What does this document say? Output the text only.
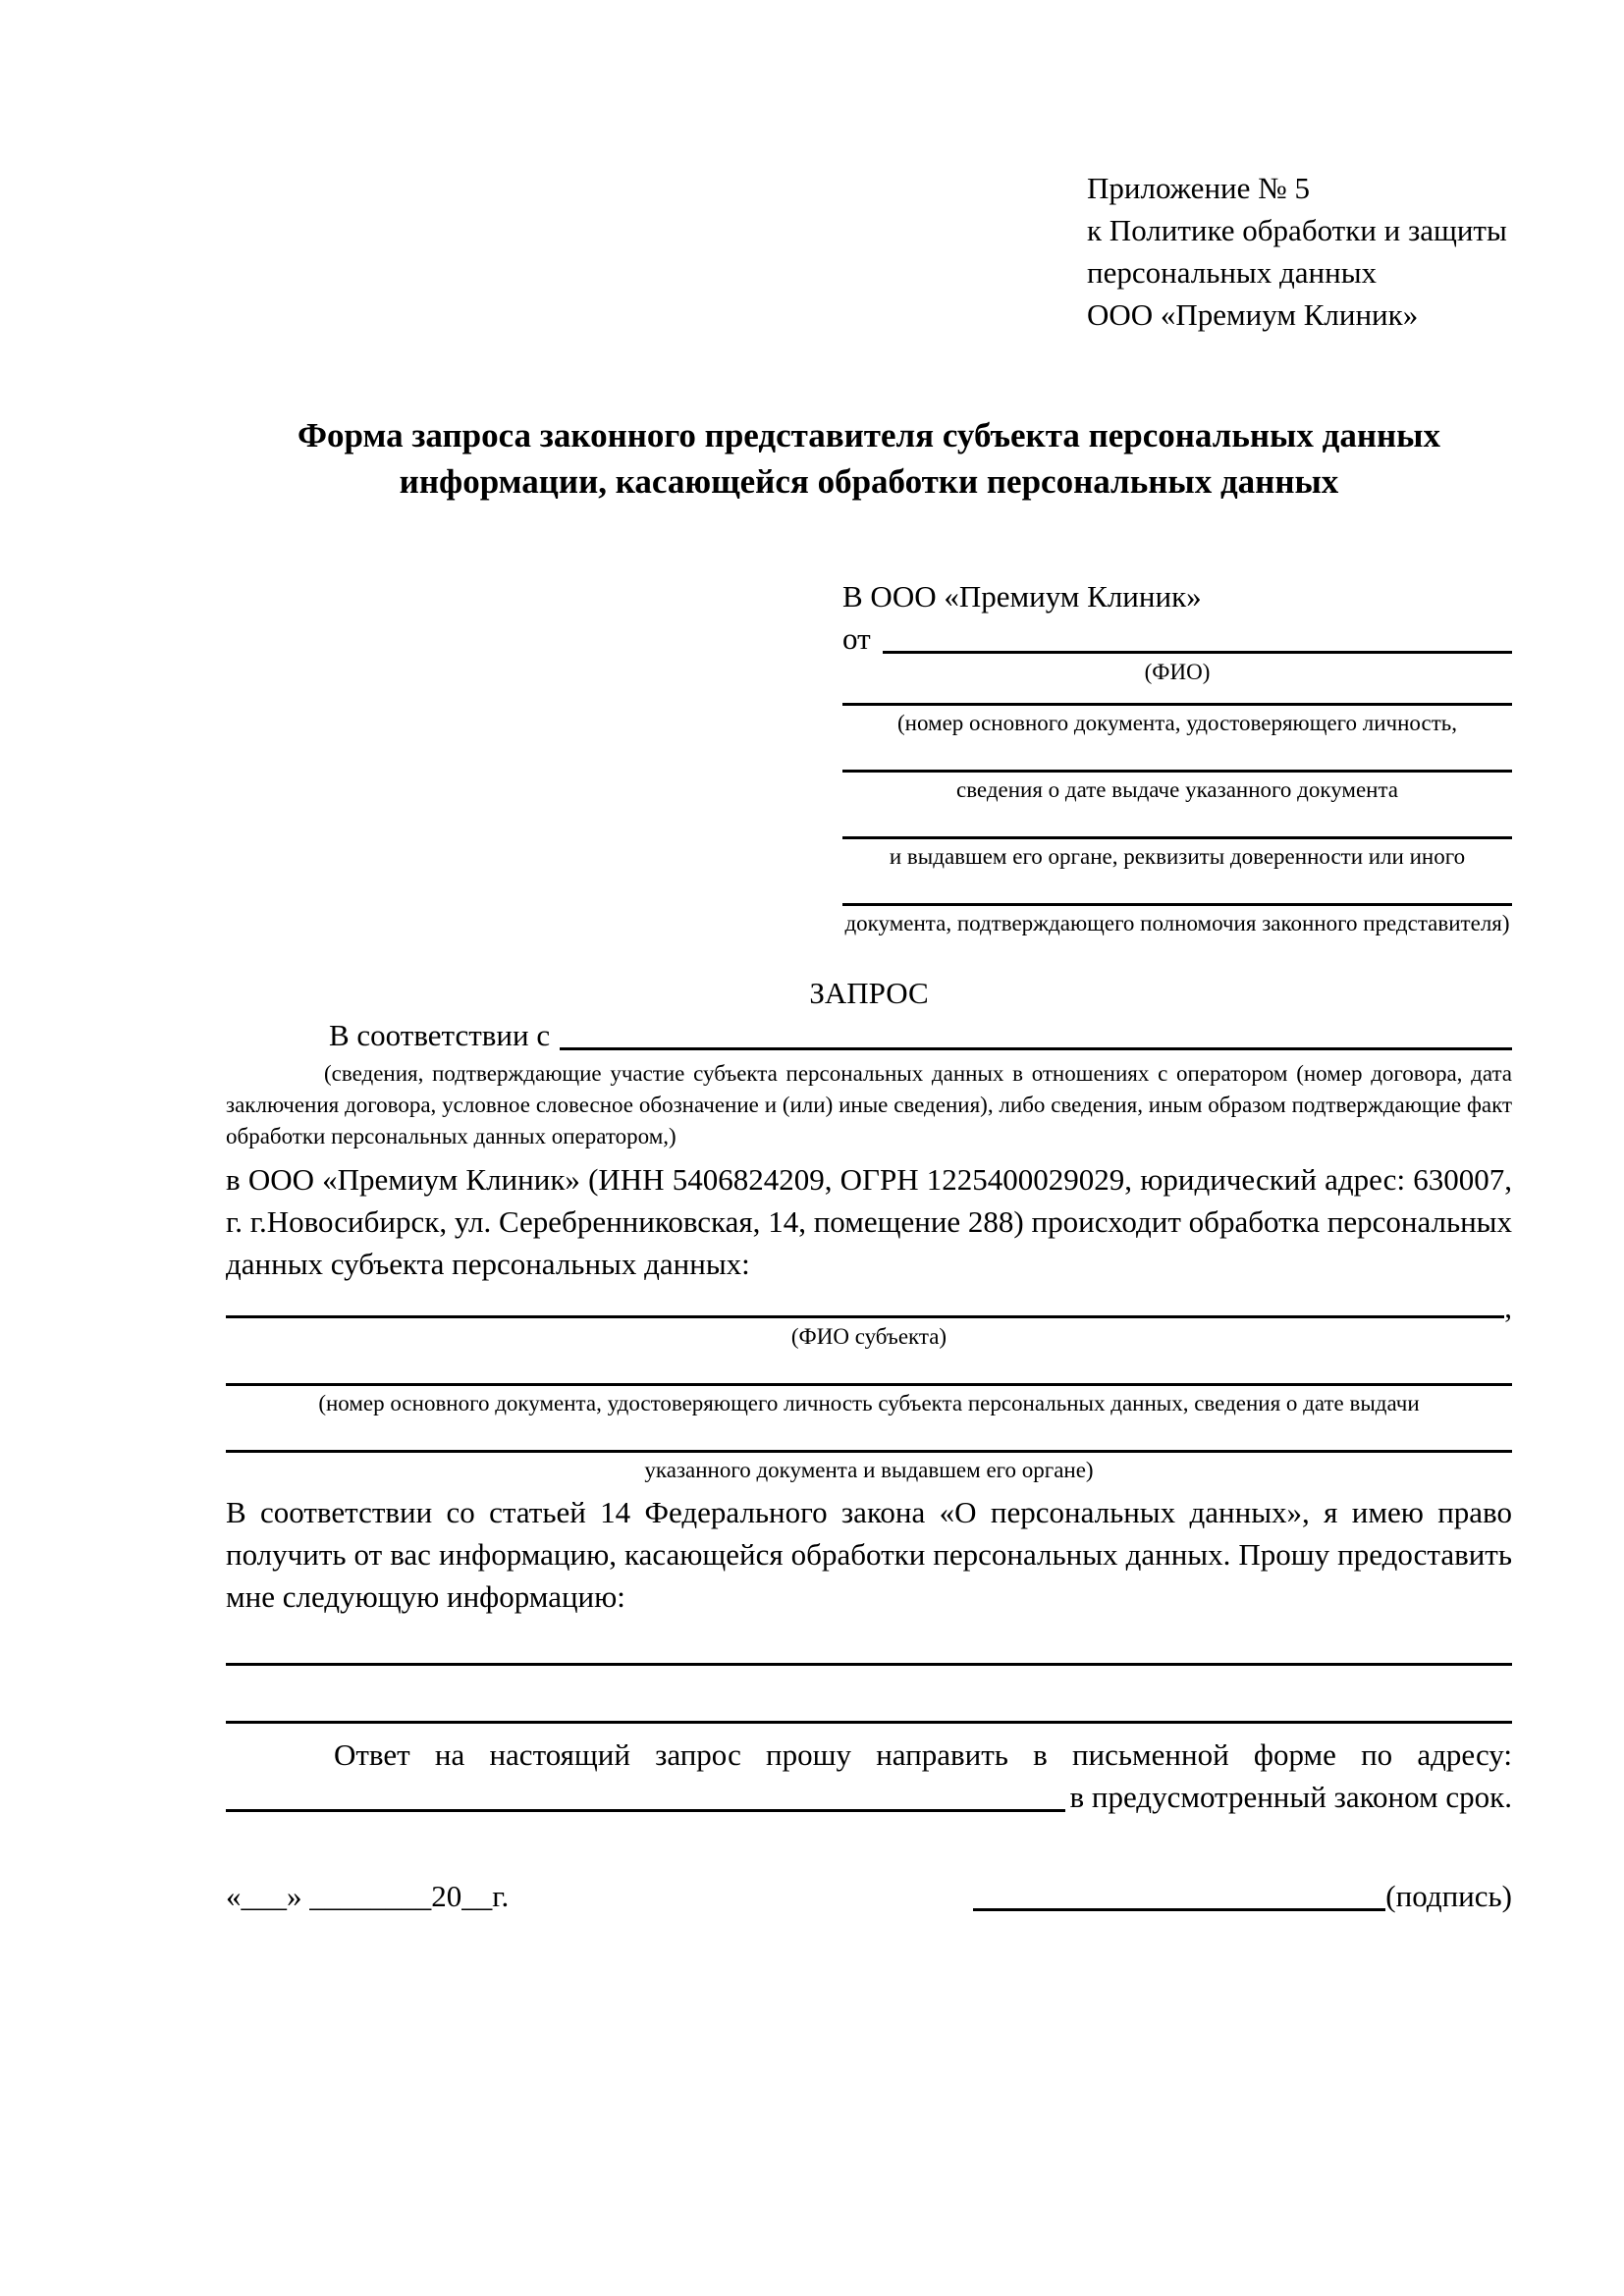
Приложение № 5
к Политике обработки и защиты
персональных данных
ООО «Премиум Клиник»
Форма запроса законного представителя субъекта персональных данных информации, касающейся обработки персональных данных
В ООО «Премиум Клиник»
от
(ФИО)
(номер основного документа, удостоверяющего личность,
сведения о дате выдаче указанного документа
и выдавшем его органе, реквизиты доверенности или иного
документа, подтверждающего полномочия законного представителя)
ЗАПРОС
В соответствии с

(сведения, подтверждающие участие субъекта персональных данных в отношениях с оператором (номер договора, дата заключения договора, условное словесное обозначение и (или) иные сведения), либо сведения, иным образом подтверждающие факт обработки персональных данных оператором,)

в ООО «Премиум Клиник» (ИНН 5406824209, ОГРН 1225400029029, юридический адрес: 630007, г. г.Новосибирск, ул. Серебренниковская, 14, помещение 288) происходит обработка персональных данных субъекта персональных данных:

,
(ФИО субъекта)
(номер основного документа, удостоверяющего личность субъекта персональных данных, сведения о дате выдачи
указанного документа и выдавшем его органе)

В соответствии со статьей 14 Федерального закона «О персональных данных», я имею право получить от вас информацию, касающейся обработки персональных данных. Прошу предоставить мне следующую информацию:

Ответ на настоящий запрос прошу направить в письменной форме по адресу:

в предусмотренный законом срок.
«___» ________20__г.	(подпись)
